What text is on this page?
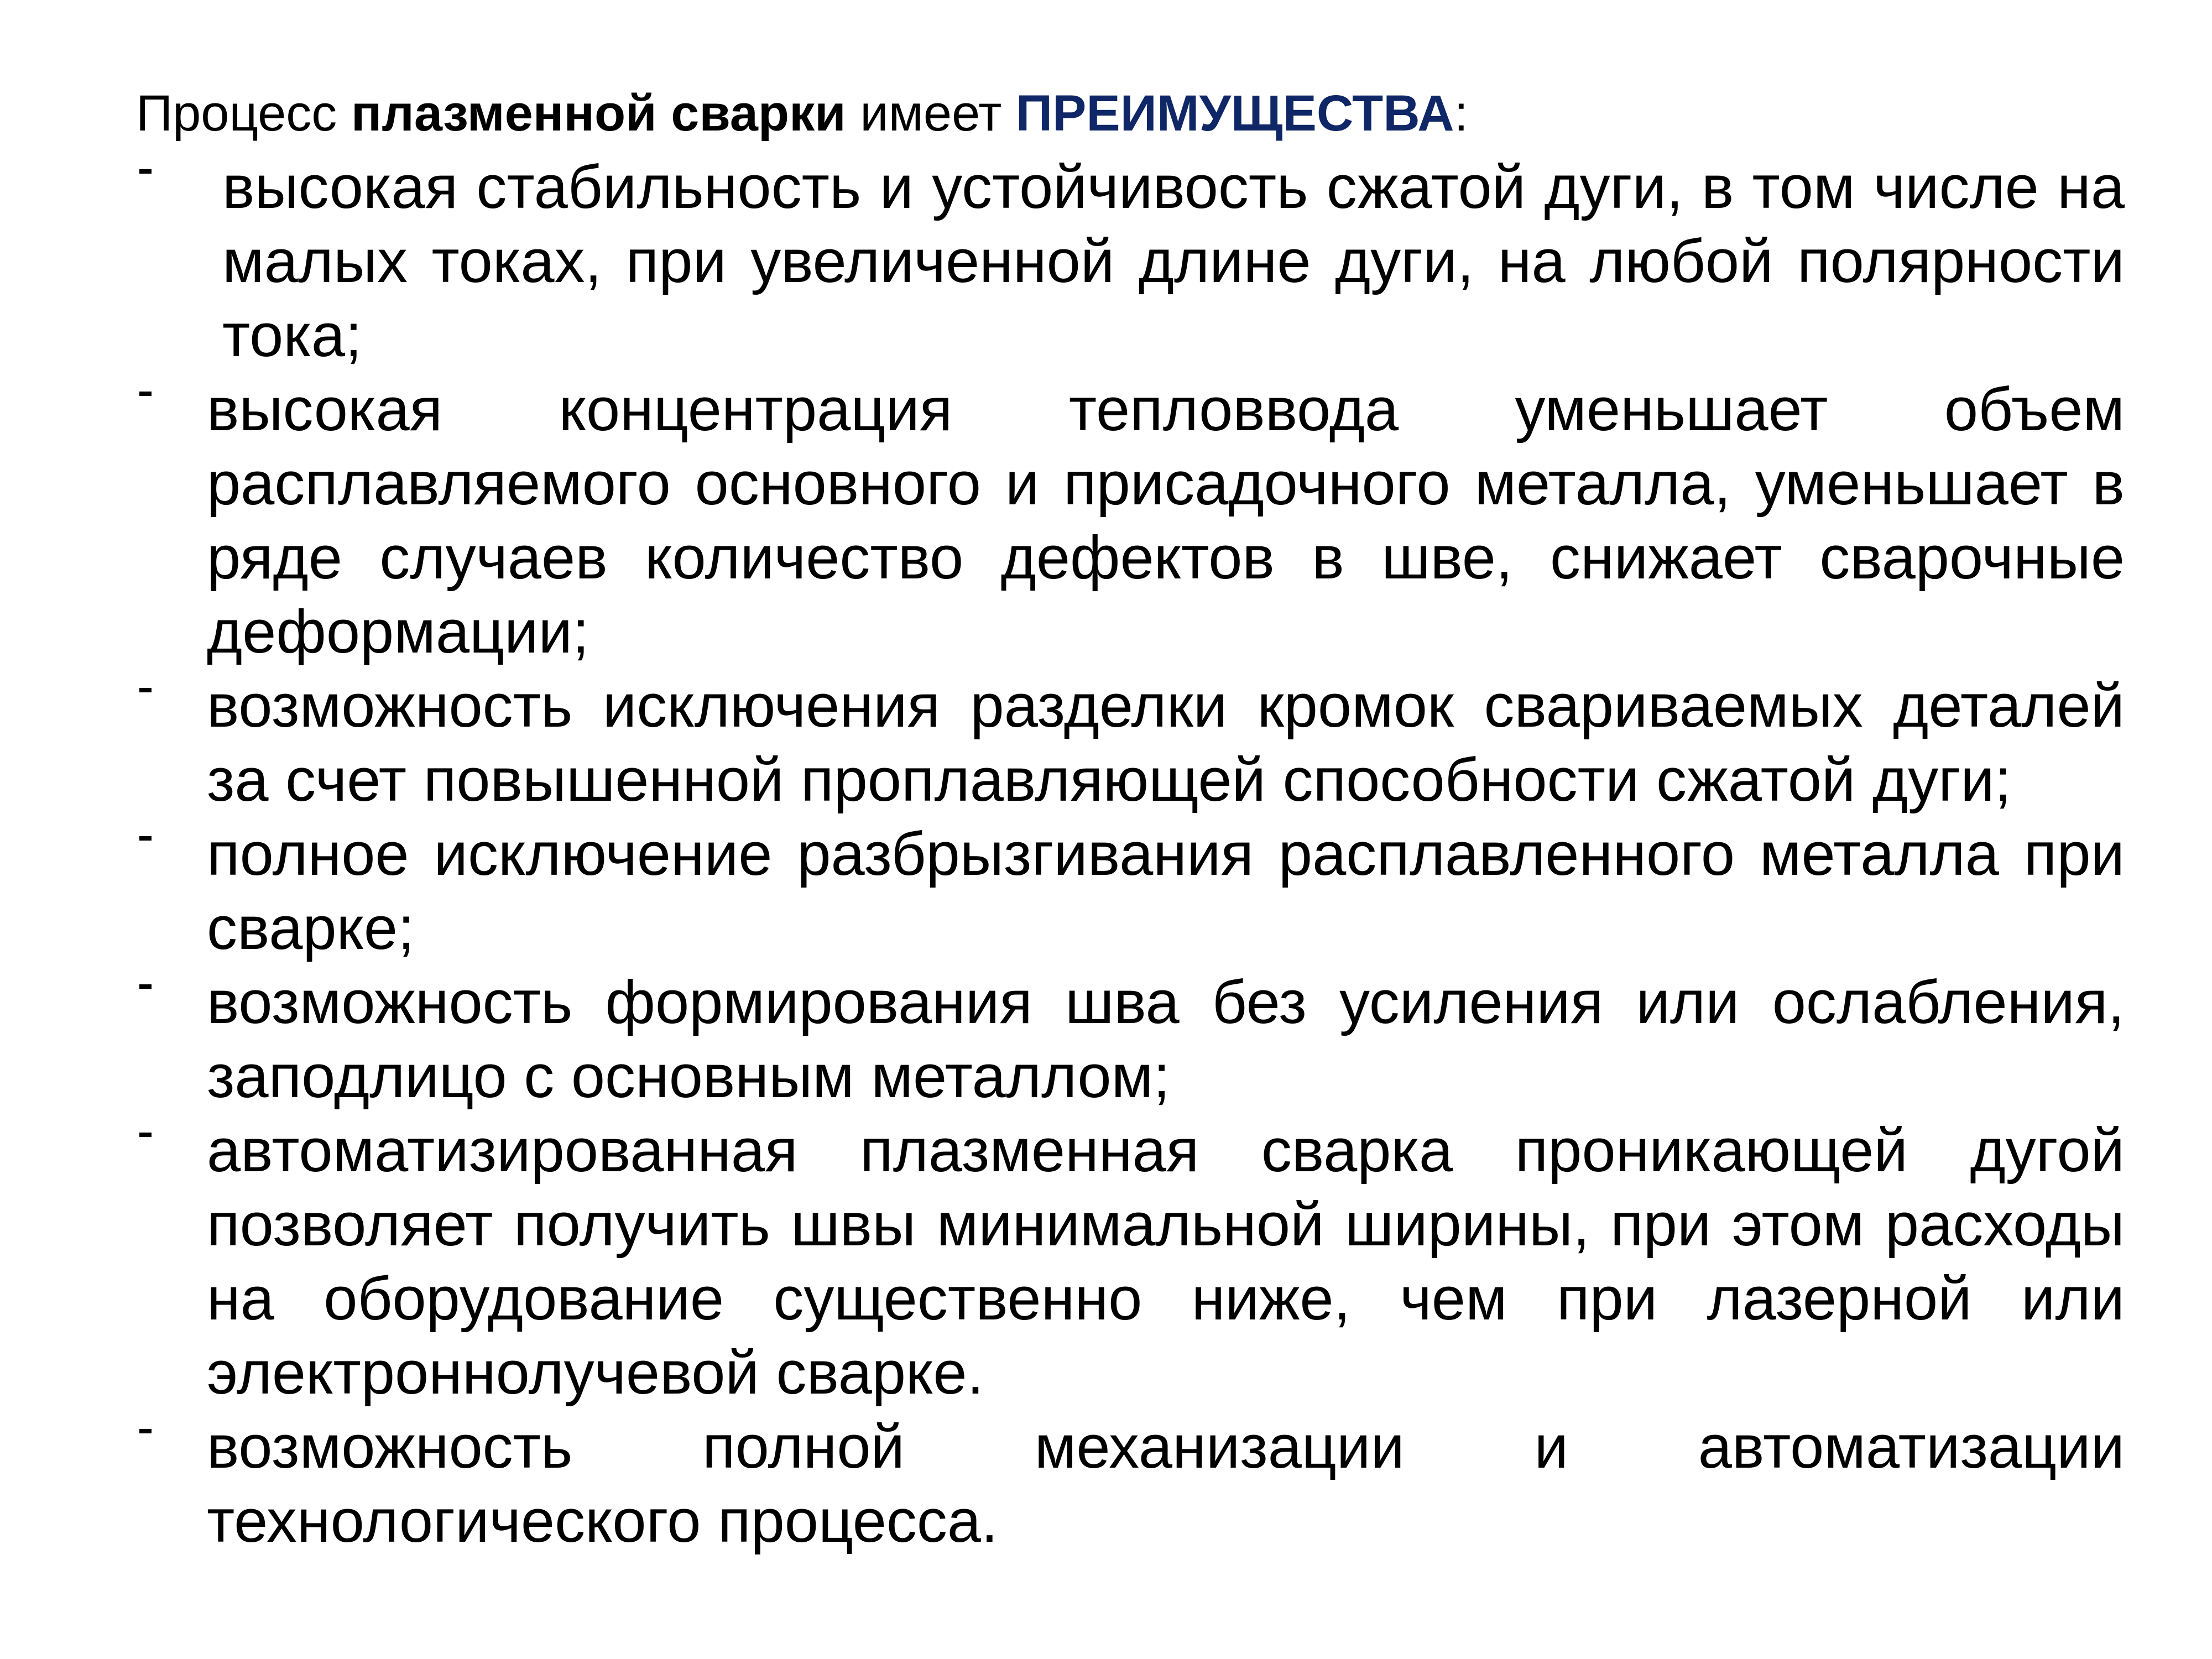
Процесс плазменной сварки имеет ПРЕИМУЩЕСТВА:
высокая стабильность и устойчивость сжатой дуги, в том числе на малых токах, при увеличенной длине дуги, на любой полярности тока;
высокая концентрация тепловвода уменьшает объем расплавляемого основного и присадочного металла, уменьшает в ряде случаев количество дефектов в шве, снижает сварочные деформации;
возможность исключения разделки кромок свариваемых деталей за счет повышенной проплавляющей способности сжатой дуги;
полное исключение разбрызгивания расплавленного металла при сварке;
возможность формирования шва без усиления или ослабления, заподлицо с основным металлом;
автоматизированная плазменная сварка проникающей дугой позволяет получить швы минимальной ширины, при этом расходы на оборудование существенно ниже, чем при лазерной или электроннолучевой сварке.
возможность полной механизации и автоматизации технологического процесса.
